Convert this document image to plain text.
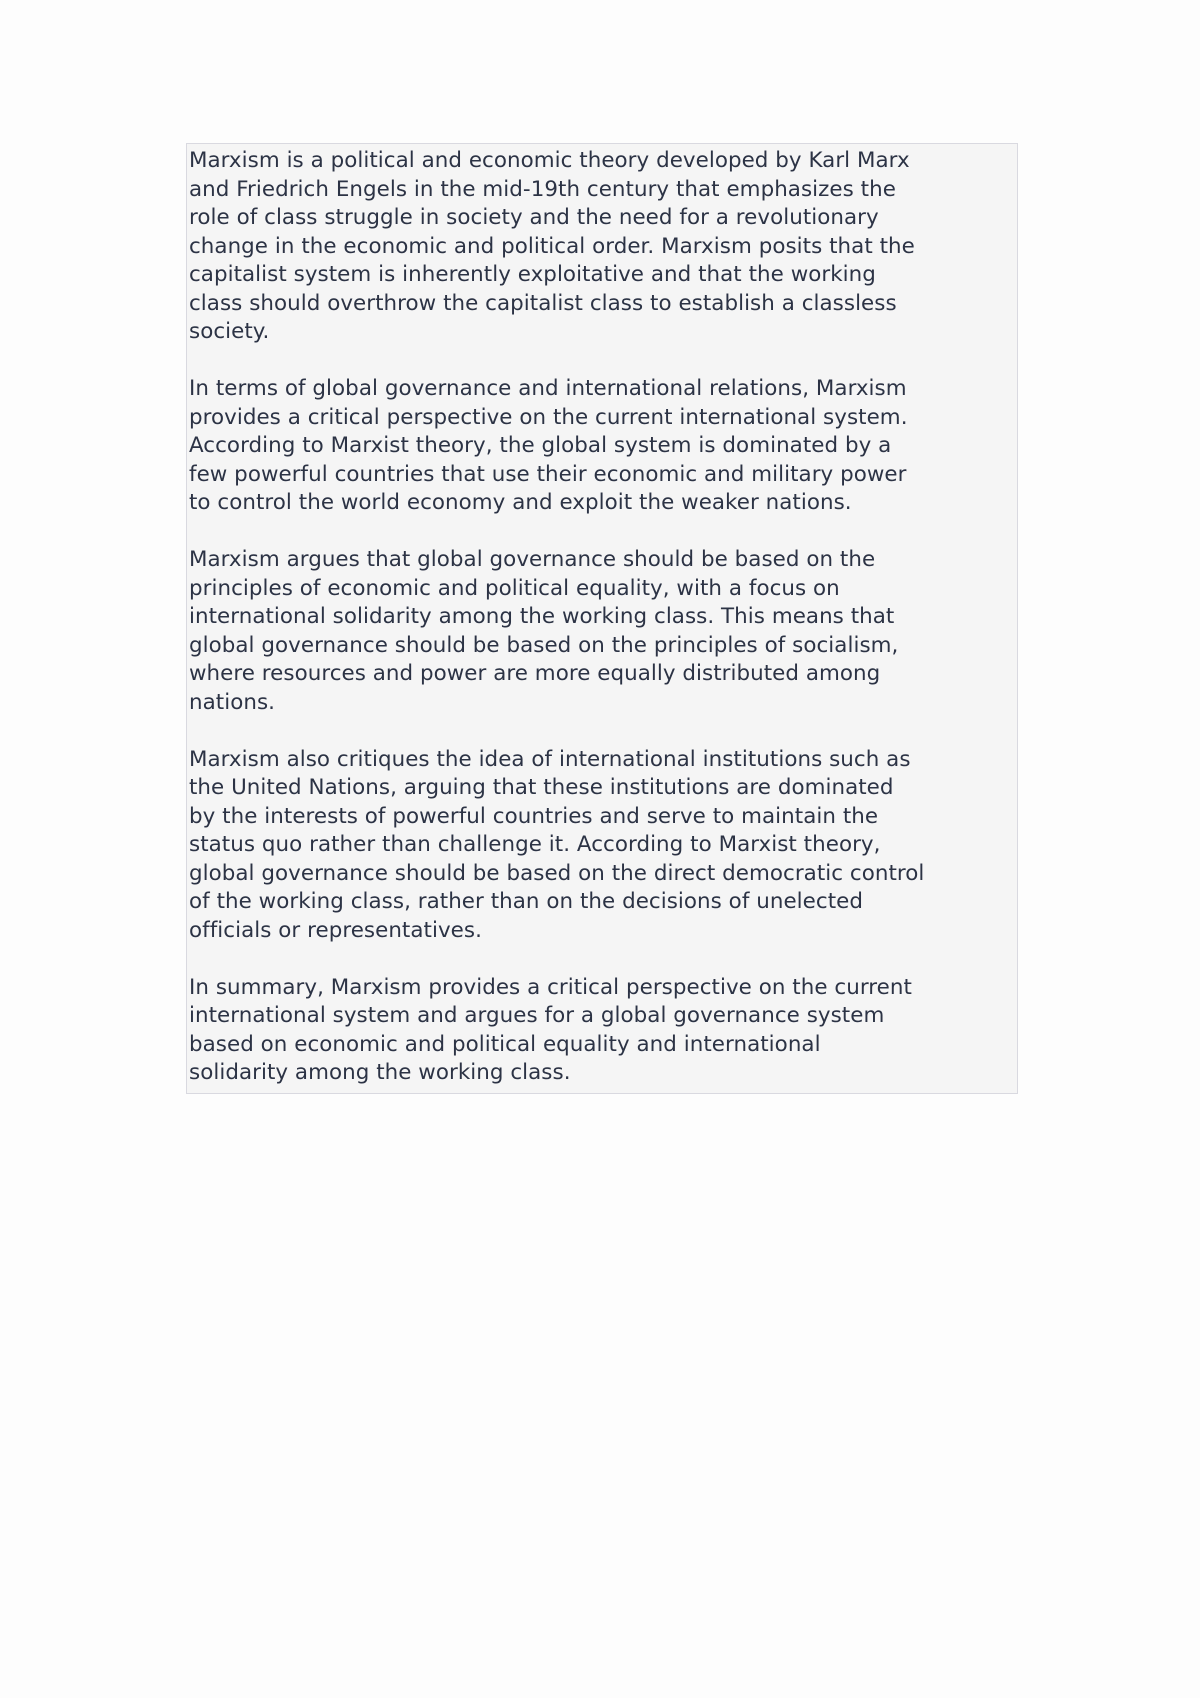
Marxism is a political and economic theory developed by Karl Marx
and Friedrich Engels in the mid-19th century that emphasizes the
role of class struggle in society and the need for a revolutionary
change in the economic and political order. Marxism posits that the
capitalist system is inherently exploitative and that the working
class should overthrow the capitalist class to establish a classless
society.

In terms of global governance and international relations, Marxism
provides a critical perspective on the current international system.
According to Marxist theory, the global system is dominated by a
few powerful countries that use their economic and military power
to control the world economy and exploit the weaker nations.

Marxism argues that global governance should be based on the
principles of economic and political equality, with a focus on
international solidarity among the working class. This means that
global governance should be based on the principles of socialism,
where resources and power are more equally distributed among
nations.

Marxism also critiques the idea of international institutions such as
the United Nations, arguing that these institutions are dominated
by the interests of powerful countries and serve to maintain the
status quo rather than challenge it. According to Marxist theory,
global governance should be based on the direct democratic control
of the working class, rather than on the decisions of unelected
officials or representatives.

In summary, Marxism provides a critical perspective on the current
international system and argues for a global governance system
based on economic and political equality and international
solidarity among the working class.
